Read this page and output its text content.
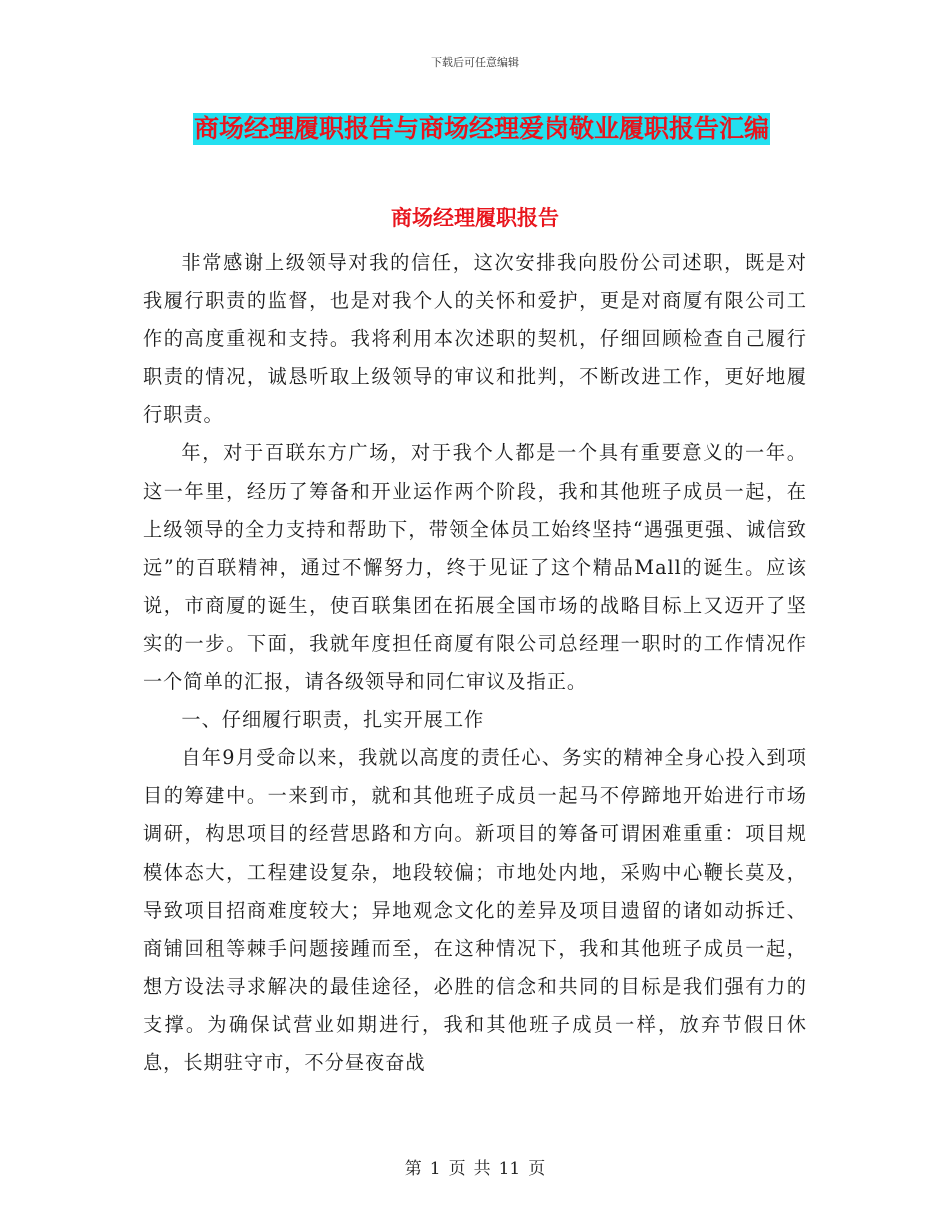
下载后可任意编辑
商场经理履职报告与商场经理爱岗敬业履职报告汇编
商场经理履职报告

非常感谢上级领导对我的信任，这次安排我向股份公司述职，既是对我履行职责的监督，也是对我个人的关怀和爱护，更是对商厦有限公司工作的高度重视和支持。我将利用本次述职的契机，仔细回顾检查自己履行职责的情况，诚恳听取上级领导的审议和批判，不断改进工作，更好地履行职责。

年，对于百联东方广场，对于我个人都是一个具有重要意义的一年。这一年里，经历了筹备和开业运作两个阶段，我和其他班子成员一起，在上级领导的全力支持和帮助下，带领全体员工始终坚持“遇强更强、诚信致远”的百联精神，通过不懈努力，终于见证了这个精品Mall的诞生。应该说，市商厦的诞生，使百联集团在拓展全国市场的战略目标上又迈开了坚实的一步。下面，我就年度担任商厦有限公司总经理一职时的工作情况作一个简单的汇报，请各级领导和同仁审议及指正。

一、仔细履行职责，扎实开展工作

自年9月受命以来，我就以高度的责任心、务实的精神全身心投入到项目的筹建中。一来到市，就和其他班子成员一起马不停蹄地开始进行市场调研，构思项目的经营思路和方向。新项目的筹备可谓困难重重：项目规模体态大，工程建设复杂，地段较偏；市地处内地，采购中心鞭长莫及，导致项目招商难度较大；异地观念文化的差异及项目遗留的诸如动拆迁、商铺回租等棘手问题接踵而至，在这种情况下，我和其他班子成员一起，想方设法寻求解决的最佳途径，必胜的信念和共同的目标是我们强有力的支撑。为确保试营业如期进行，我和其他班子成员一样，放弃节假日休息，长期驻守市，不分昼夜奋战

第 1 页 共 11 页
